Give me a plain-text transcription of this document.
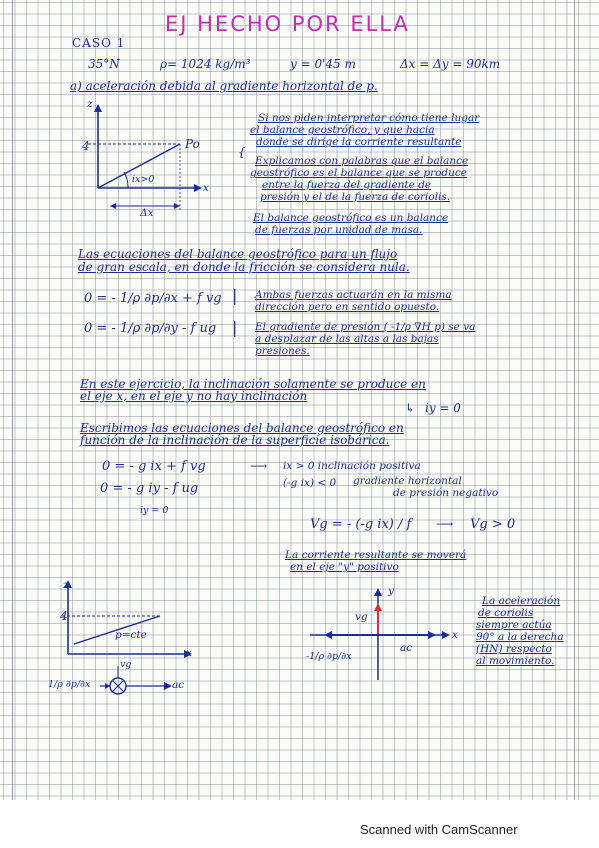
EJ HECHO POR ELLA
CASO 1
35°N	ρ= 1024 kg/m³	y = 0'45 m	Δx = Δy = 90km
a) aceleración debida al gradiente horizontal de p.
z
4	Po
ix>0
x
Δx
Si nos piden interpretar cómo tiene lugar
el balance geostrófico, y que hacia
donde se dirige la corriente resultante
{
Explicamos con palabras que el balance
geostrófico es el balance que se produce
entre la fuerza del gradiente de
presión y el de la fuerza de coriolis.
El balance geostrófico es un balance
de fuerzas por unidad de masa.
Las ecuaciones del balance geostrófico para un flujo
de gran escala, en donde la fricción se considera nula.
0 = - 1/ρ ∂p/∂x + f vg
0 = - 1/ρ ∂p/∂y - f ug
|
|
Ambas fuerzas actuarán en la misma
dirección pero en sentido opuesto.
El gradiente de presión ( -1/ρ ∇H p) se va
a desplazar de las altas a las bajas
presiones.
En este ejercicio, la inclinación solamente se produce en
el eje x, en el eje y no hay inclinación
↳ iy = 0
Escribimos las ecuaciones del balance geostrófico en
función de la inclinación de la superficie isobárica.
0 = - g ix + f vg	⟶ ix > 0 inclinación positiva
0 = - g iy - f ug	(-g ix) < 0 gradiente horizontal
de presión negativo
iy = 0
Vg = - (-g ix) / f ⟶ Vg > 0
La corriente resultante se moverá
en el eje "y" positivo
z
4
p=cte
x
vg
1/ρ ∂p/∂x	ac
y
vg
x
ac
-1/ρ ∂p/∂x
La aceleración
de coriolis
siempre actúa
90° a la derecha
(HN) respecto
al movimiento.
Scanned with CamScanner
